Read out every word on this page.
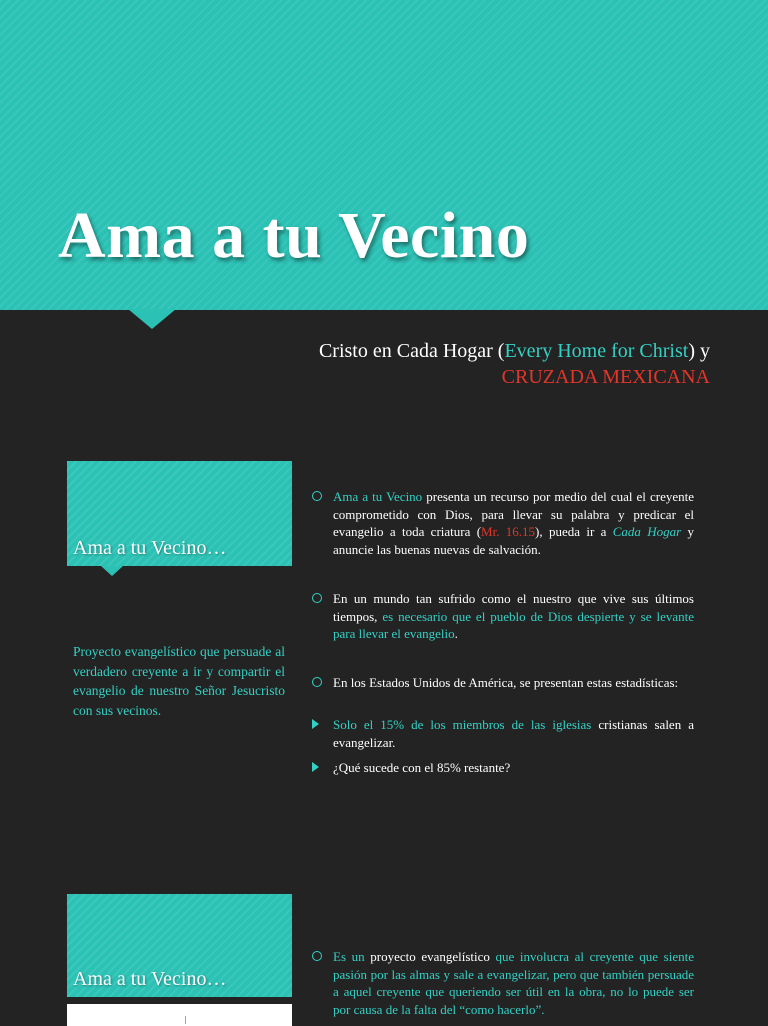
Ama a tu Vecino
Cristo en Cada Hogar (Every Home for Christ) y
CRUZADA MEXICANA
Ama a tu Vecino…

Proyecto evangelístico que persuade al verdadero creyente a ir y compartir el evangelio de nuestro Señor Jesucristo con sus vecinos.

Ama a tu Vecino presenta un recurso por medio del cual el creyente comprometido con Dios, para llevar su palabra y predicar el evangelio a toda criatura (Mr. 16.15), pueda ir a Cada Hogar y anuncie las buenas nuevas de salvación.

En un mundo tan sufrido como el nuestro que vive sus últimos tiempos, es necesario que el pueblo de Dios despierte y se levante para llevar el evangelio.

En los Estados Unidos de América, se presentan estas estadísticas:

Solo el 15% de los miembros de las iglesias cristianas salen a evangelizar.

¿Qué sucede con el 85% restante?

Ama a tu Vecino…

Es un proyecto evangelístico que involucra al creyente que siente pasión por las almas y sale a evangelizar, pero que también persuade a aquel creyente que queriendo ser útil en la obra, no lo puede ser por causa de la falta del “como hacerlo”.
